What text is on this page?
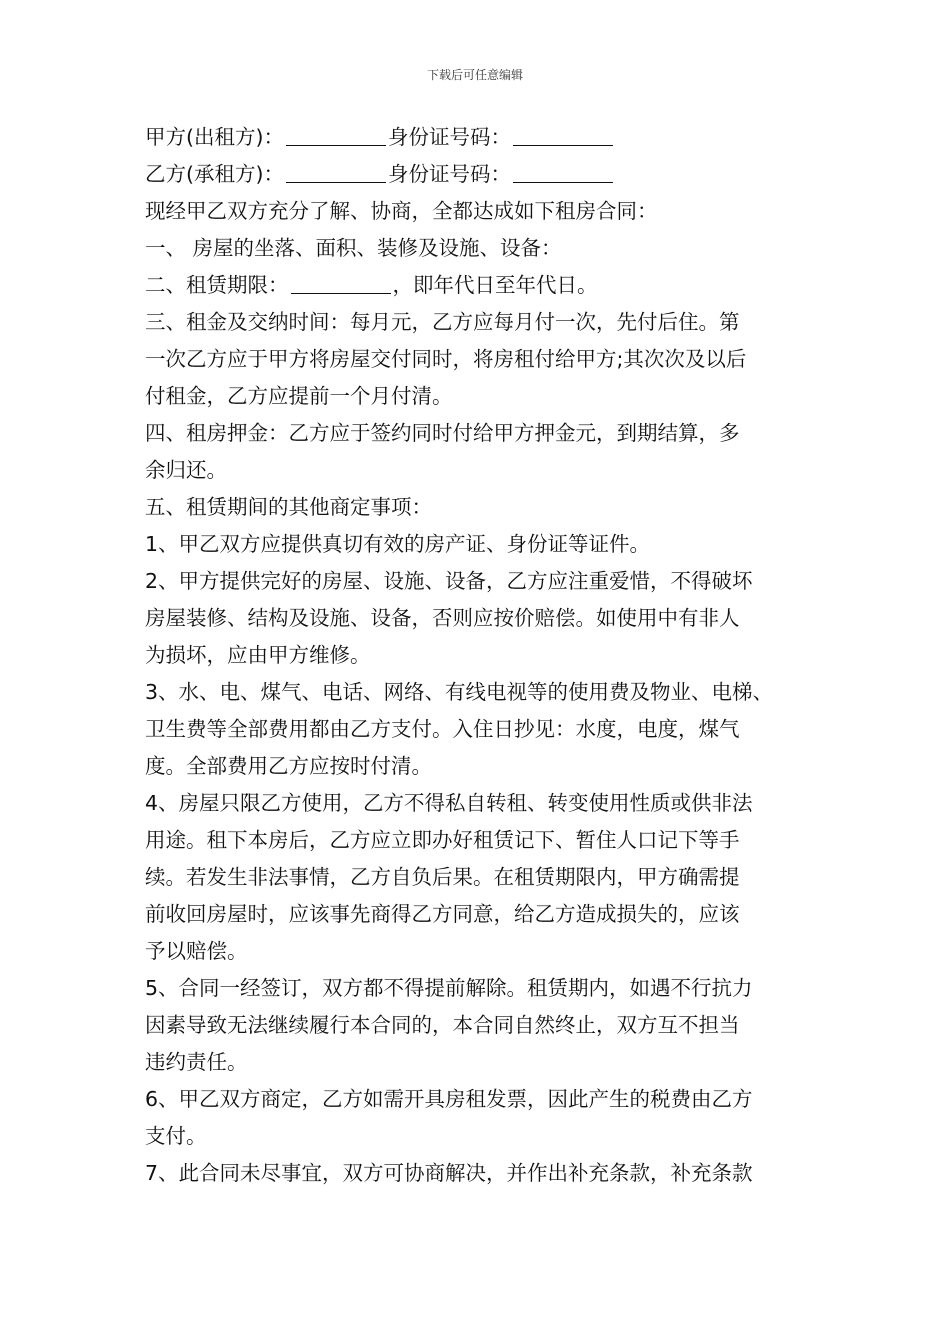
下载后可任意编辑
甲方(出租方)：	身份证号码：
乙方(承租方)：	身份证号码：
现经甲乙双方充分了解、协商，全都达成如下租房合同：
一、 房屋的坐落、面积、装修及设施、设备：
二、租赁期限：	，即年代日至年代日。
三、租金及交纳时间：每月元，乙方应每月付一次，先付后住。第
一次乙方应于甲方将房屋交付同时，将房租付给甲方;其次次及以后
付租金，乙方应提前一个月付清。
四、租房押金：乙方应于签约同时付给甲方押金元，到期结算，多
余归还。
五、租赁期间的其他商定事项：
1、甲乙双方应提供真切有效的房产证、身份证等证件。
2、甲方提供完好的房屋、设施、设备，乙方应注重爱惜，不得破坏
房屋装修、结构及设施、设备，否则应按价赔偿。如使用中有非人
为损坏，应由甲方维修。
3、水、电、煤气、电话、网络、有线电视等的使用费及物业、电梯、
卫生费等全部费用都由乙方支付。入住日抄见：水度，电度，煤气
度。全部费用乙方应按时付清。
4、房屋只限乙方使用，乙方不得私自转租、转变使用性质或供非法
用途。租下本房后，乙方应立即办好租赁记下、暂住人口记下等手
续。若发生非法事情，乙方自负后果。在租赁期限内，甲方确需提
前收回房屋时，应该事先商得乙方同意，给乙方造成损失的，应该
予以赔偿。
5、合同一经签订，双方都不得提前解除。租赁期内，如遇不行抗力
因素导致无法继续履行本合同的，本合同自然终止，双方互不担当
违约责任。
6、甲乙双方商定，乙方如需开具房租发票，因此产生的税费由乙方
支付。
7、此合同未尽事宜，双方可协商解决，并作出补充条款，补充条款
